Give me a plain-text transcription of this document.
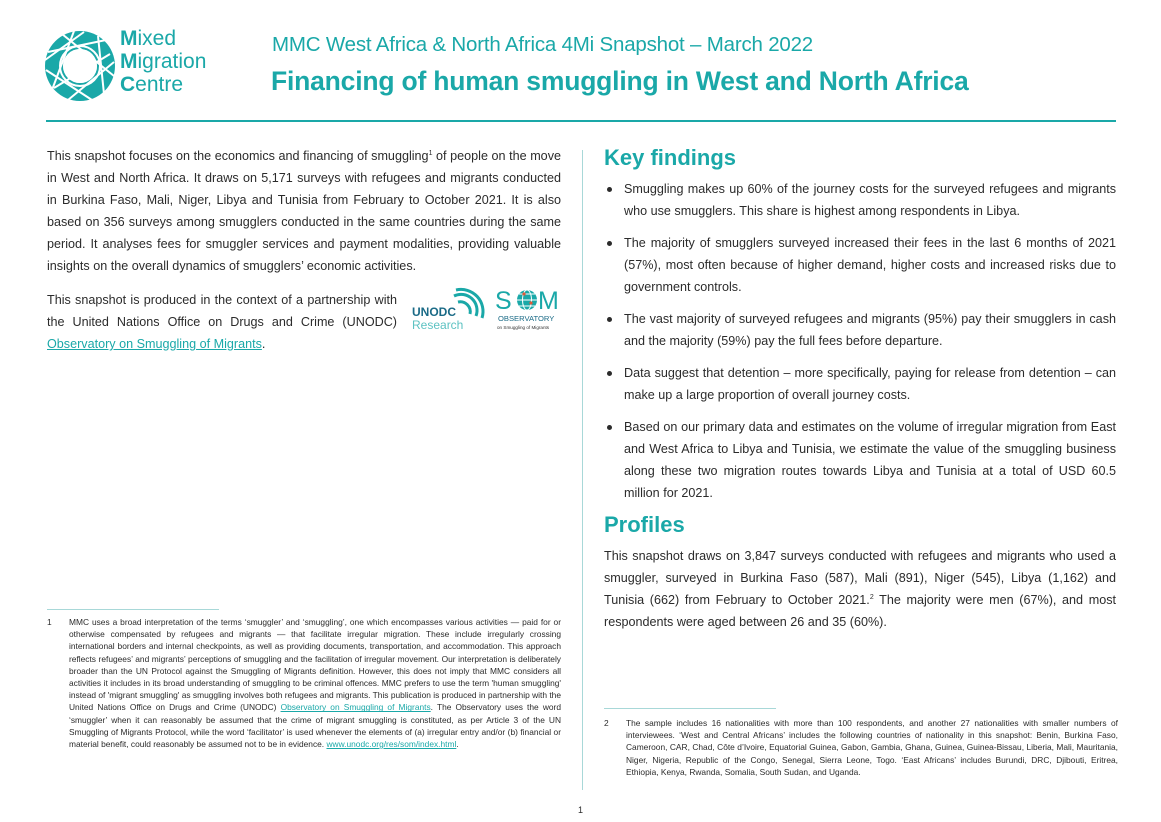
Mixed
Migration
Centre
MMC West Africa & North Africa 4Mi Snapshot – March 2022
Financing of human smuggling in West and North Africa
This snapshot focuses on the economics and financing of smuggling$^1$ of people on the move in West and North Africa. It draws on 5,171 surveys with refugees and migrants conducted in Burkina Faso, Mali, Niger, Libya and Tunisia from February to October 2021. It is also based on 356 surveys among smugglers conducted in the same countries during the same period. It analyses fees for smuggler services and payment modalities, providing valuable insights on the overall dynamics of smugglers’ economic activities.
This snapshot is produced in the context of a partnership with the United Nations Office on Drugs and Crime (UNODC) Observatory on Smuggling of Migrants.
UNODC
Research
S M
OBSERVATORY
on Smuggling of Migrants
Key findings
Smuggling makes up 60% of the journey costs for the surveyed refugees and migrants who use smugglers. This share is highest among respondents in Libya.
The majority of smugglers surveyed increased their fees in the last 6 months of 2021 (57%), most often because of higher demand, higher costs and increased risks due to government controls.
The vast majority of surveyed refugees and migrants (95%) pay their smugglers in cash and the majority (59%) pay the full fees before departure.
Data suggest that detention – more specifically, paying for release from detention – can make up a large proportion of overall journey costs.
Based on our primary data and estimates on the volume of irregular migration from East and West Africa to Libya and Tunisia, we estimate the value of the smuggling business along these two migration routes towards Libya and Tunisia at a total of USD 60.5 million for 2021.
Profiles
This snapshot draws on 3,847 surveys conducted with refugees and migrants who used a smuggler, surveyed in Burkina Faso (587), Mali (891), Niger (545), Libya (1,162) and Tunisia (662) from February to October 2021.$^2$ The majority were men (67%), and most respondents were aged between 26 and 35 (60%).
1 MMC uses a broad interpretation of the terms ‘smuggler’ and ‘smuggling’, one which encompasses various activities — paid for or otherwise compensated by refugees and migrants — that facilitate irregular migration. These include irregularly crossing international borders and internal checkpoints, as well as providing documents, transportation, and accommodation. This approach reflects refugees’ and migrants’ perceptions of smuggling and the facilitation of irregular movement. Our interpretation is deliberately broader than the UN Protocol against the Smuggling of Migrants definition. However, this does not imply that MMC considers all activities it includes in its broad understanding of smuggling to be criminal offences. MMC prefers to use the term 'human smuggling' instead of 'migrant smuggling' as smuggling involves both refugees and migrants. This publication is produced in partnership with the United Nations Office on Drugs and Crime (UNODC) Observatory on Smuggling of Migrants. The Observatory uses the word ‘smuggler’ when it can reasonably be assumed that the crime of migrant smuggling is constituted, as per Article 3 of the UN Smuggling of Migrants Protocol, while the word ‘facilitator’ is used whenever the elements of (a) irregular entry and/or (b) financial or material benefit, could reasonably be assumed not to be in evidence. www.unodc.org/res/som/index.html.
2 The sample includes 16 nationalities with more than 100 respondents, and another 27 nationalities with smaller numbers of interviewees. ‘West and Central Africans’ includes the following countries of nationality in this snapshot: Benin, Burkina Faso, Cameroon, CAR, Chad, Côte d’Ivoire, Equatorial Guinea, Gabon, Gambia, Ghana, Guinea, Guinea-Bissau, Liberia, Mali, Mauritania, Niger, Nigeria, Republic of the Congo, Senegal, Sierra Leone, Togo. ‘East Africans’ includes Burundi, DRC, Djibouti, Eritrea, Ethiopia, Kenya, Rwanda, Somalia, South Sudan, and Uganda.
1
